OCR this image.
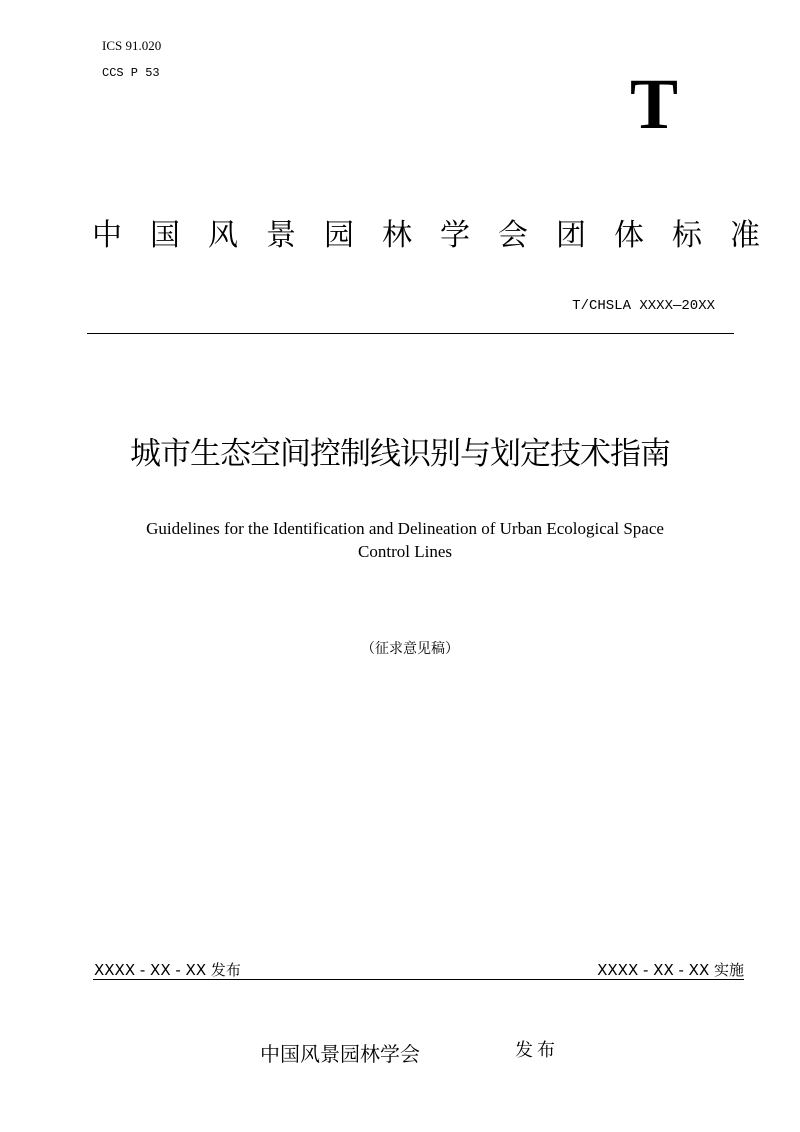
ICS 91.020
CCS P 53	T
中国风景园林学会团体标准
T/CHSLA XXXX—20XX
城市生态空间控制线识别与划定技术指南
Guidelines for the Identification and Delineation of Urban Ecological Space
Control Lines
（征求意见稿）
XXXX - XX - XX 发布	XXXX - XX - XX 实施
中国风景园林学会	发布
